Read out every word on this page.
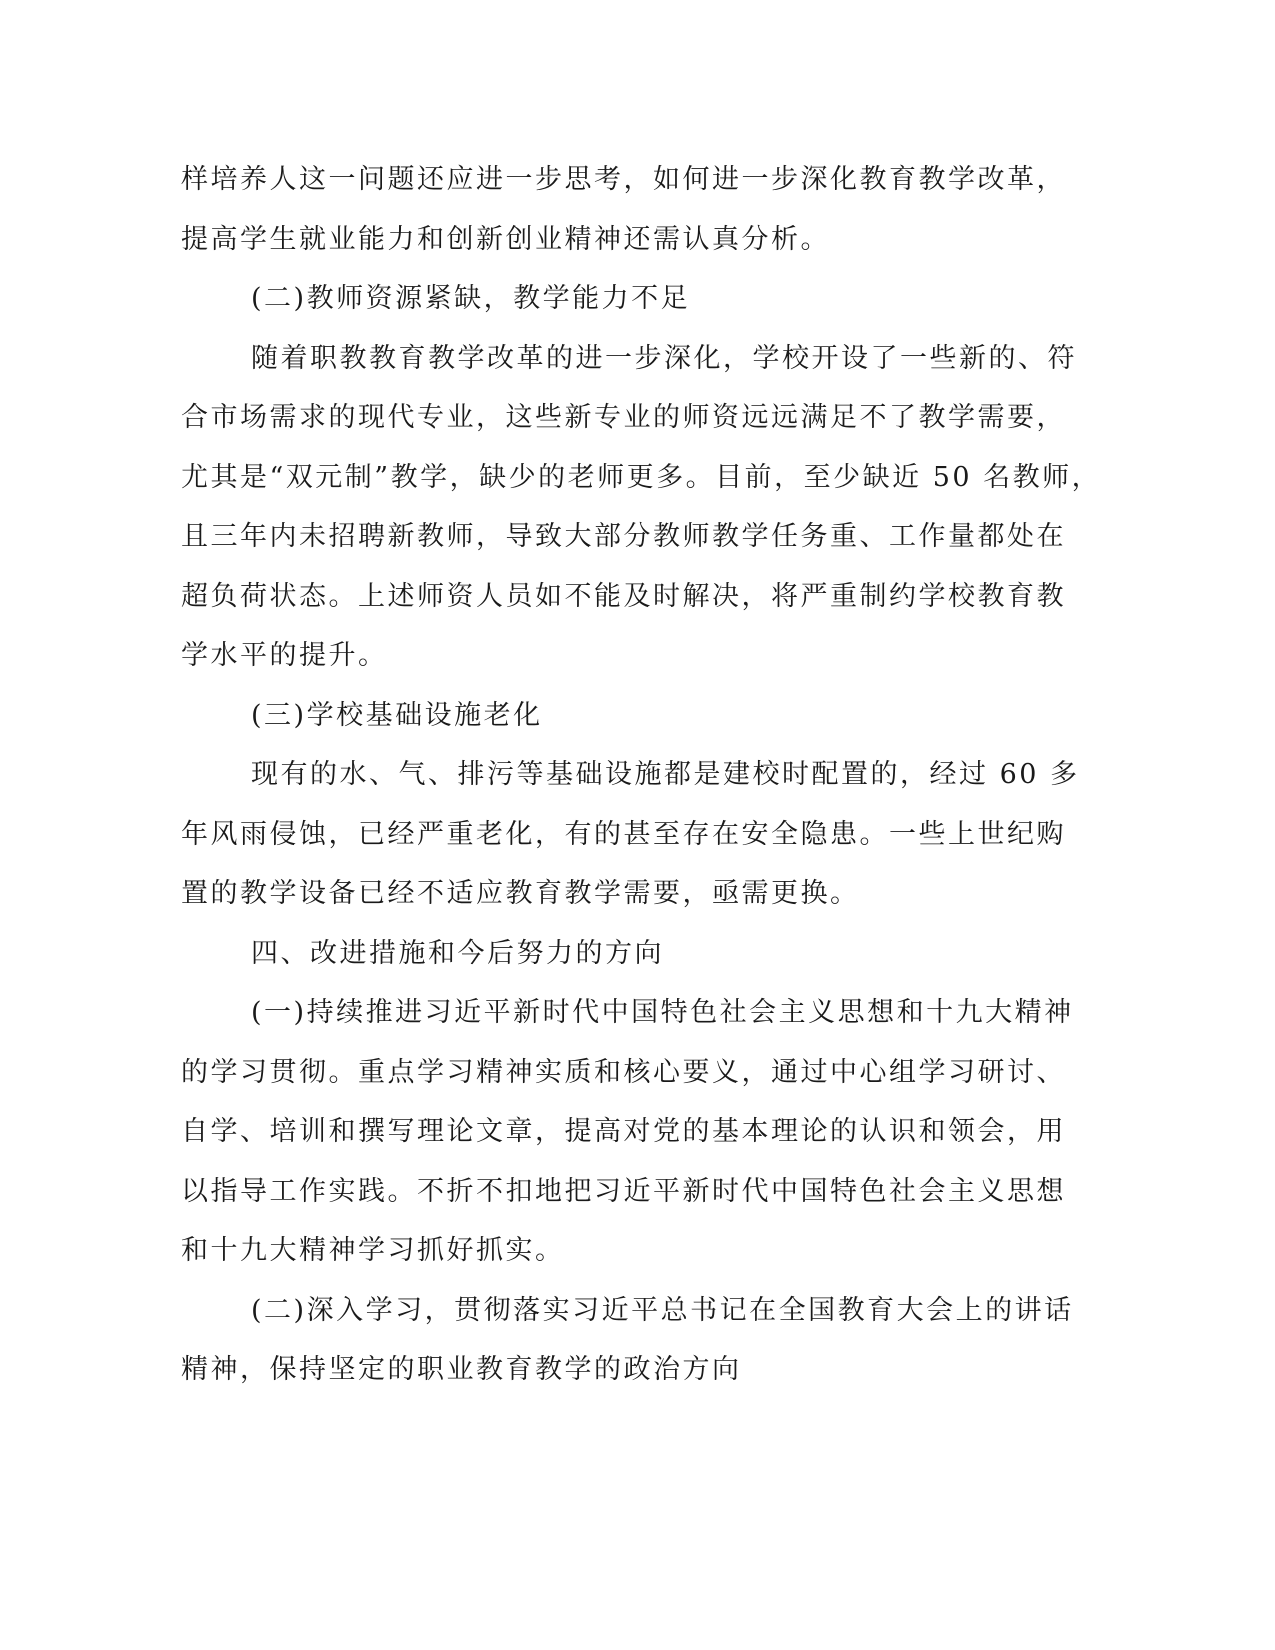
样培养人这一问题还应进一步思考，如何进一步深化教育教学改革，
提高学生就业能力和创新创业精神还需认真分析。
(二)教师资源紧缺，教学能力不足
随着职教教育教学改革的进一步深化，学校开设了一些新的、符
合市场需求的现代专业，这些新专业的师资远远满足不了教学需要，
尤其是“双元制”教学，缺少的老师更多。目前，至少缺近 50 名教师，
且三年内未招聘新教师，导致大部分教师教学任务重、工作量都处在
超负荷状态。上述师资人员如不能及时解决，将严重制约学校教育教
学水平的提升。
(三)学校基础设施老化
现有的水、气、排污等基础设施都是建校时配置的，经过 60 多
年风雨侵蚀，已经严重老化，有的甚至存在安全隐患。一些上世纪购
置的教学设备已经不适应教育教学需要，亟需更换。
四、改进措施和今后努力的方向
(一)持续推进习近平新时代中国特色社会主义思想和十九大精神
的学习贯彻。重点学习精神实质和核心要义，通过中心组学习研讨、
自学、培训和撰写理论文章，提高对党的基本理论的认识和领会，用
以指导工作实践。不折不扣地把习近平新时代中国特色社会主义思想
和十九大精神学习抓好抓实。
(二)深入学习，贯彻落实习近平总书记在全国教育大会上的讲话
精神，保持坚定的职业教育教学的政治方向
